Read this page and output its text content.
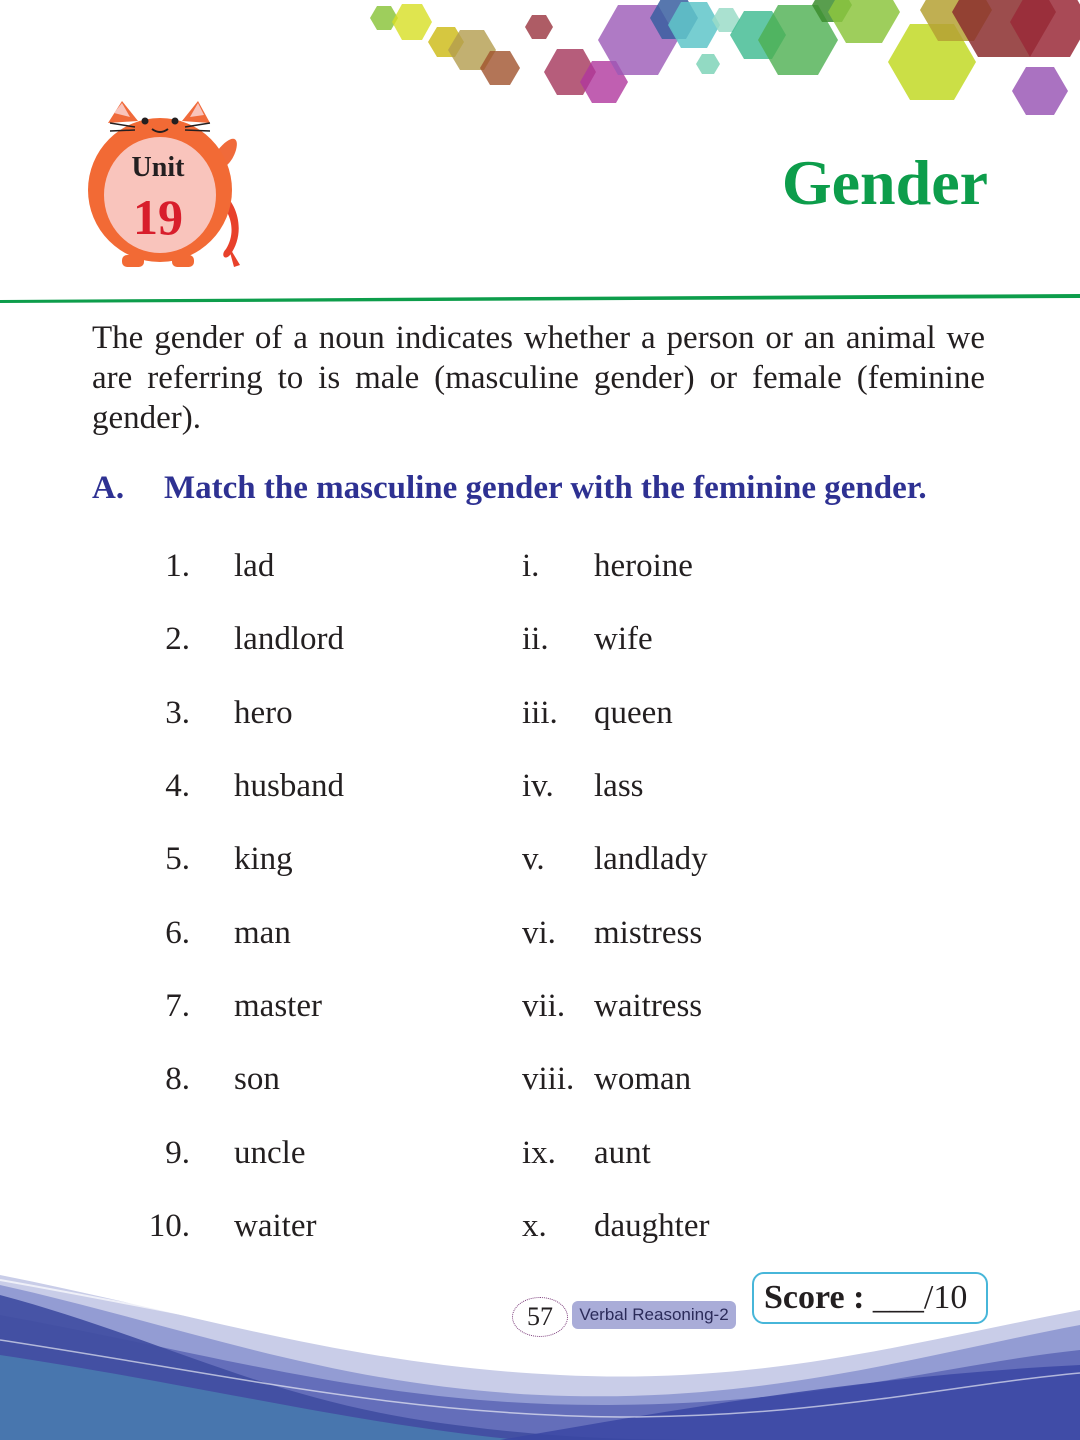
Unit
19	Gender
The gender of a noun indicates whether a person or an animal we are referring to is male (masculine gender) or female (feminine gender).
A. Match the masculine gender with the feminine gender.
1. lad	i. heroine
2. landlord	ii. wife
3. hero	iii. queen
4. husband	iv. lass
5. king	v. landlady
6. man	vi. mistress
7. master	vii. waitress
8. son	viii. woman
9. uncle	ix. aunt
10. waiter	x. daughter
57	Verbal Reasoning-2	Score : ___/10
